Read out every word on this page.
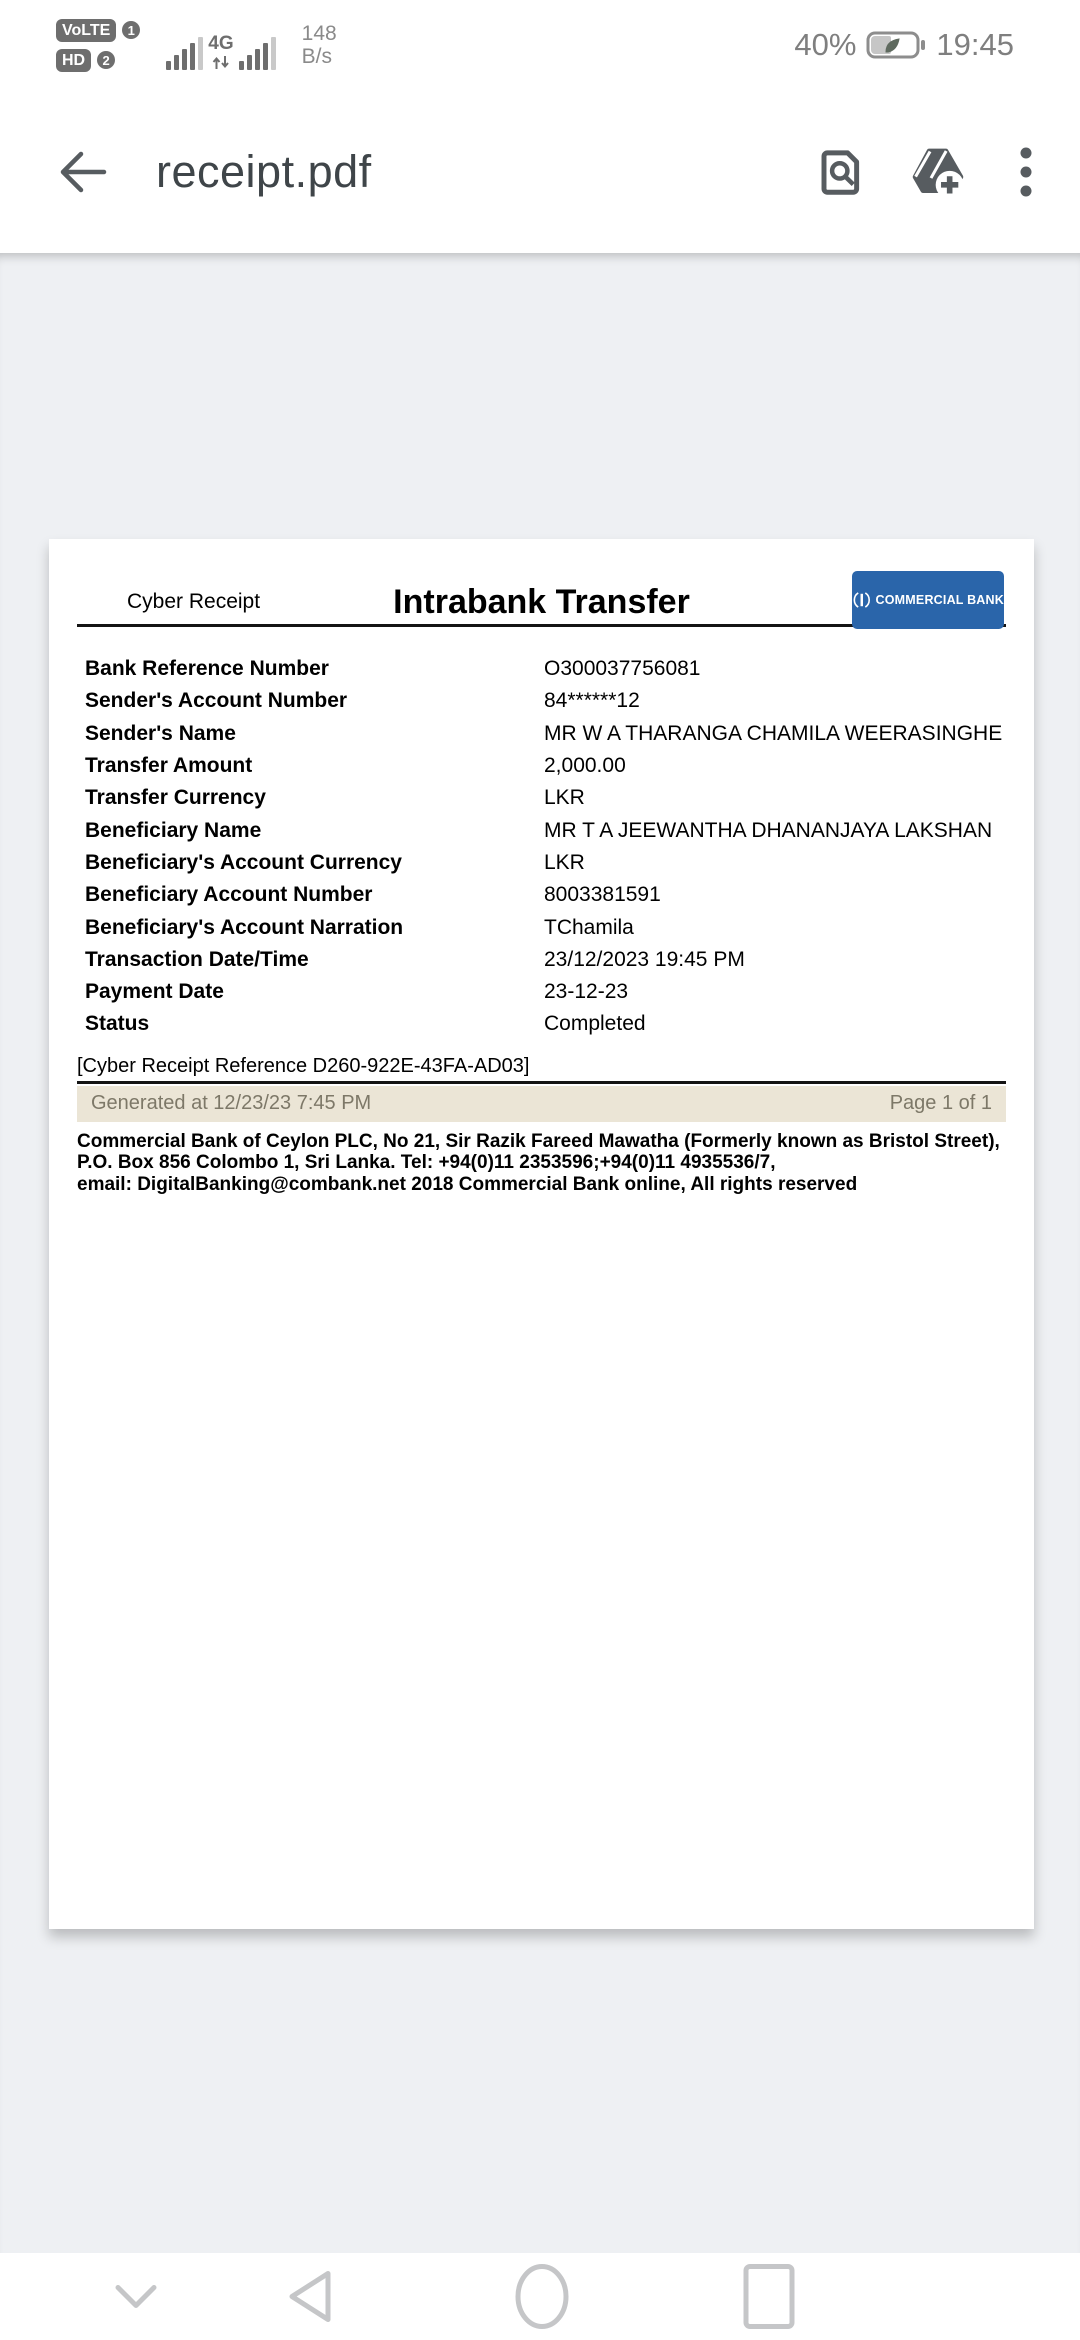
VoLTE	1
HD	2
4G	148
B/s	40%	19:45
receipt.pdf
Cyber Receipt	Intrabank Transfer	COMMERCIAL BANK
Bank Reference Number	O300037756081
Sender's Account Number	84******12
Sender's Name	MR W A THARANGA CHAMILA WEERASINGHE
Transfer Amount	2,000.00
Transfer Currency	LKR
Beneficiary Name	MR T A JEEWANTHA DHANANJAYA LAKSHAN
Beneficiary's Account Currency	LKR
Beneficiary Account Number	8003381591
Beneficiary's Account Narration	TChamila
Transaction Date/Time	23/12/2023 19:45 PM
Payment Date	23-12-23
Status	Completed
[Cyber Receipt Reference D260-922E-43FA-AD03]
Generated at 12/23/23 7:45 PM	Page 1 of 1
Commercial Bank of Ceylon PLC, No 21, Sir Razik Fareed Mawatha (Formerly known as Bristol Street),
P.O. Box 856 Colombo 1, Sri Lanka. Tel: +94(0)11 2353596;+94(0)11 4935536/7,
email: DigitalBanking@combank.net 2018 Commercial Bank online, All rights reserved
